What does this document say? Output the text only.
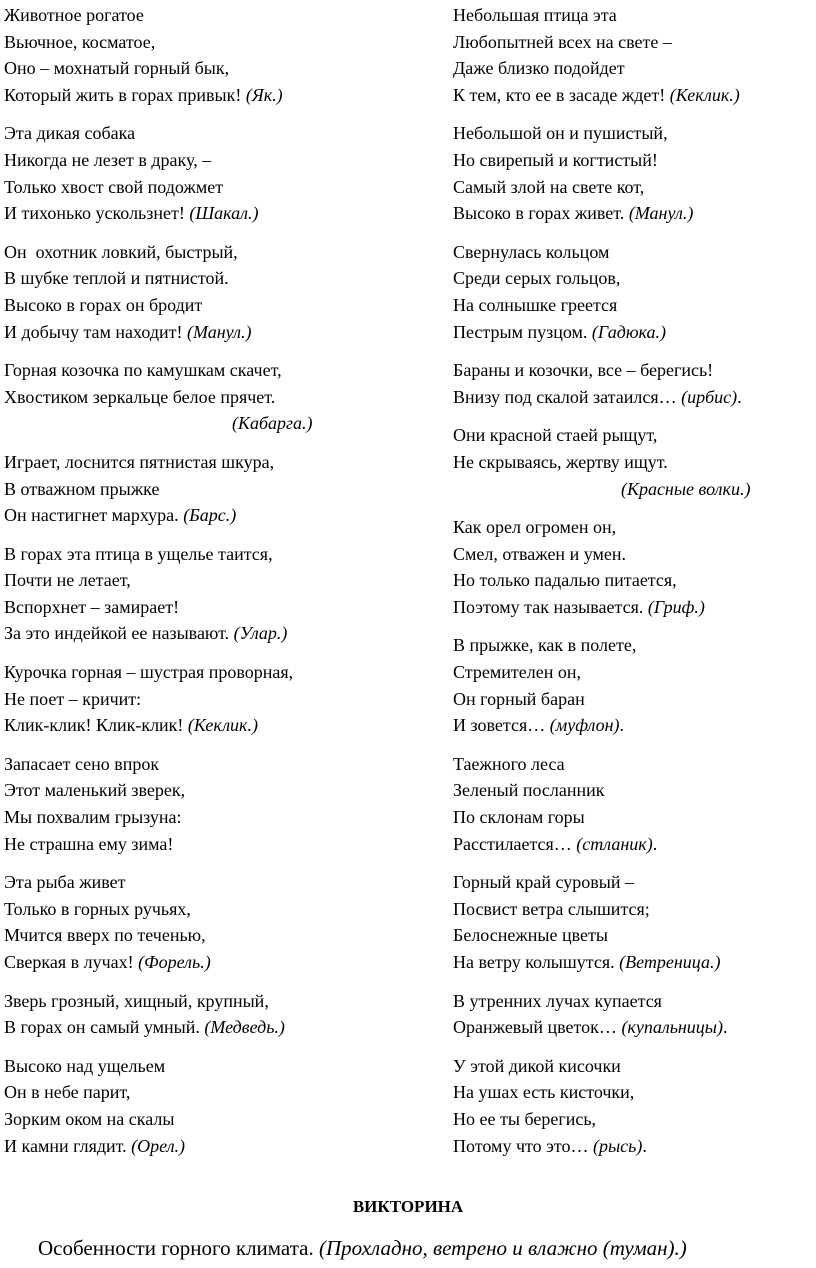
Животное рогатое
Вьючное, косматое,
Оно – мохнатый горный бык,
Который жить в горах привык! (Як.)
Эта дикая собака
Никогда не лезет в драку, –
Только хвост свой подожмет
И тихонько ускользнет! (Шакал.)
Он  охотник ловкий, быстрый,
В шубке теплой и пятнистой.
Высоко в горах он бродит
И добычу там находит! (Манул.)
Горная козочка по камушкам скачет,
Хвостиком зеркальце белое прячет.
(Кабарга.)
Играет, лоснится пятнистая шкура,
В отважном прыжке
Он настигнет мархура. (Барс.)
В горах эта птица в ущелье таится,
Почти не летает,
Вспорхнет – замирает!
За это индейкой ее называют. (Улар.)
Курочка горная – шустрая проворная,
Не поет – кричит:
Клик-клик! Клик-клик! (Кеклик.)
Запасает сено впрок
Этот маленький зверек,
Мы похвалим грызуна:
Не страшна ему зима!
Эта рыба живет
Только в горных ручьях,
Мчится вверх по теченью,
Сверкая в лучах! (Форель.)
Зверь грозный, хищный, крупный,
В горах он самый умный. (Медведь.)
Высоко над ущельем
Он в небе парит,
Зорким оком на скалы
И камни глядит. (Орел.)
Небольшая птица эта
Любопытней всех на свете –
Даже близко подойдет
К тем, кто ее в засаде ждет! (Кеклик.)
Небольшой он и пушистый,
Но свирепый и когтистый!
Самый злой на свете кот,
Высоко в горах живет. (Манул.)
Свернулась кольцом
Среди серых гольцов,
На солнышке греется
Пестрым пузцом. (Гадюка.)
Бараны и козочки, все – берегись!
Внизу под скалой затаился… (ирбис).
Они красной стаей рыщут,
Не скрываясь, жертву ищут.
(Красные волки.)
Как орел огромен он,
Смел, отважен и умен.
Но только падалью питается,
Поэтому так называется. (Гриф.)
В прыжке, как в полете,
Стремителен он,
Он горный баран
И зовется… (муфлон).
Таежного леса
Зеленый посланник
По склонам горы
Расстилается… (стланик).
Горный край суровый –
Посвист ветра слышится;
Белоснежные цветы
На ветру колышутся. (Ветреница.)
В утренних лучах купается
Оранжевый цветок… (купальницы).
У этой дикой кисочки
На ушах есть кисточки,
Но ее ты берегись,
Потому что это… (рысь).
ВИКТОРИНА
Особенности горного климата. (Прохладно, ветрено и влажно (туман).)
